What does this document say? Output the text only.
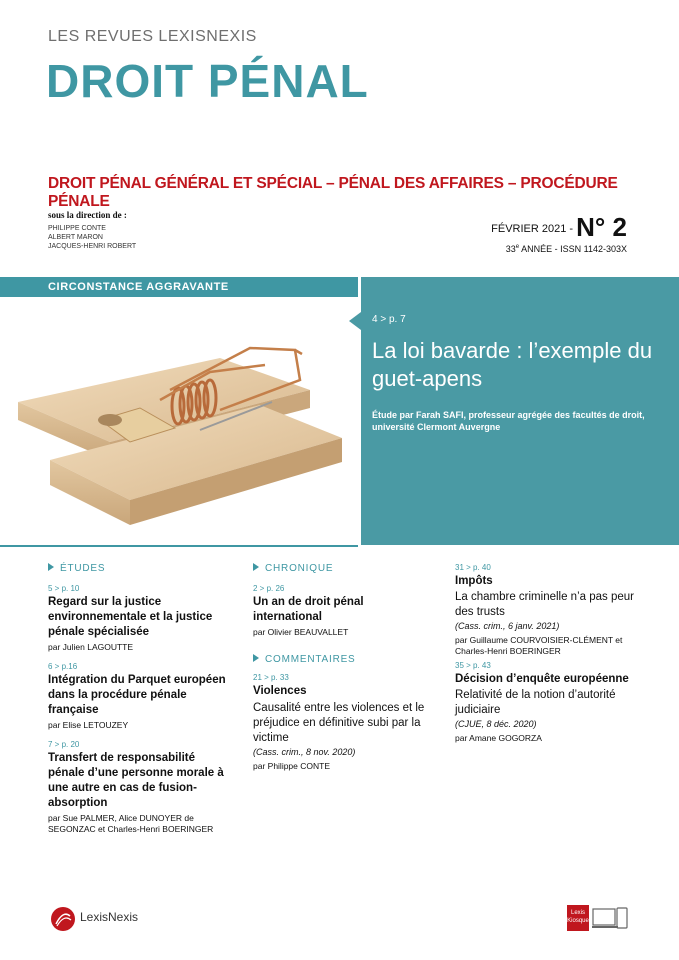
LES REVUES LEXISNEXIS
DROIT PÉNAL
DROIT PÉNAL GÉNÉRAL ET SPÉCIAL – PÉNAL DES AFFAIRES – PROCÉDURE PÉNALE
sous la direction de :
PHILIPPE CONTE
ALBERT MARON
JACQUES-HENRI ROBERT
FÉVRIER 2021 - N° 2
33e ANNÉE - ISSN 1142-303X
CIRCONSTANCE AGGRAVANTE
4 > p. 7
La loi bavarde : l’exemple du guet-apens
Étude par Farah SAFI, professeur agrégée des facultés de droit, université Clermont Auvergne
ÉTUDES
5 > p. 10
Regard sur la justice environnementale et la justice pénale spécialisée
par Julien LAGOUTTE
6 > p.16
Intégration du Parquet européen dans la procédure pénale française
par Elise LETOUZEY
7 > p. 20
Transfert de responsabilité pénale d’une personne morale à une autre en cas de fusion-absorption
par Sue PALMER, Alice DUNOYER de SEGONZAC et Charles-Henri BOERINGER
CHRONIQUE
2 > p. 26
Un an de droit pénal international
par Olivier BEAUVALLET
COMMENTAIRES
21 > p. 33
Violences
Causalité entre les violences et le préjudice en définitive subi par la victime
(Cass. crim., 8 nov. 2020)
par Philippe CONTE
31 > p. 40
Impôts
La chambre criminelle n’a pas peur des trusts
(Cass. crim., 6 janv. 2021)
par Guillaume COURVOISIER-CLÉMENT et Charles-Henri BOERINGER
35 > p. 43
Décision d’enquête européenne
Relativité de la notion d’autorité judiciaire
(CJUE, 8 déc. 2020)
par Amane GOGORZA
LexisNexis	Lexis Kiosque
